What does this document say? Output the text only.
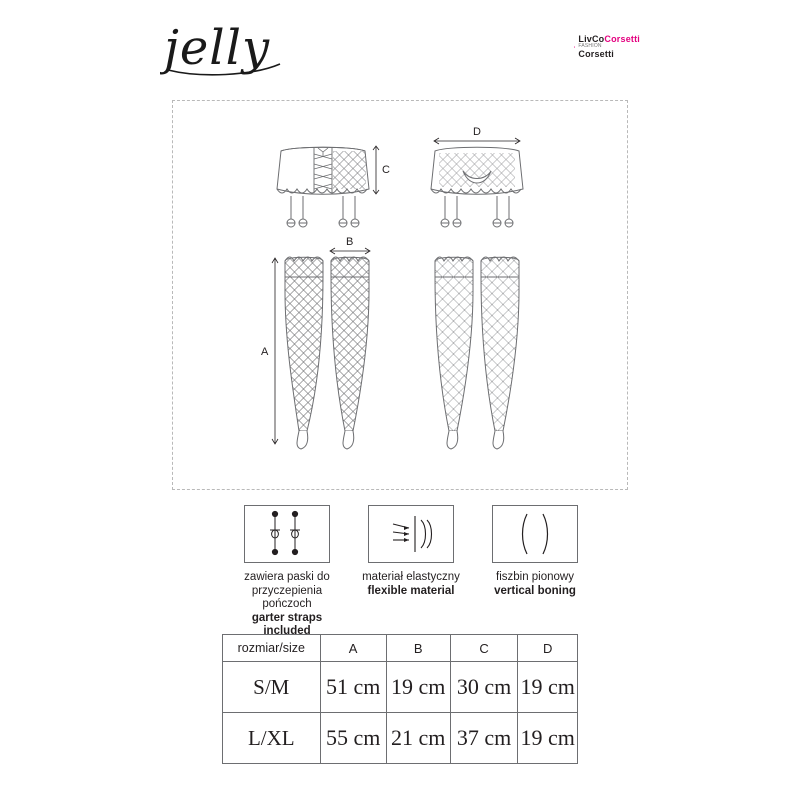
jelly	LivCoCorsetti
FASHION
Corsetti
C
D
A
B
zawiera paski do
przyczepienia pończoch
garter straps included
materiał elastyczny
flexible material
fiszbin pionowy
vertical boning
rozmiar/size	A	B	C	D
S/M	51 cm	19 cm	30 cm	19 cm
L/XL	55 cm	21 cm	37 cm	19 cm
